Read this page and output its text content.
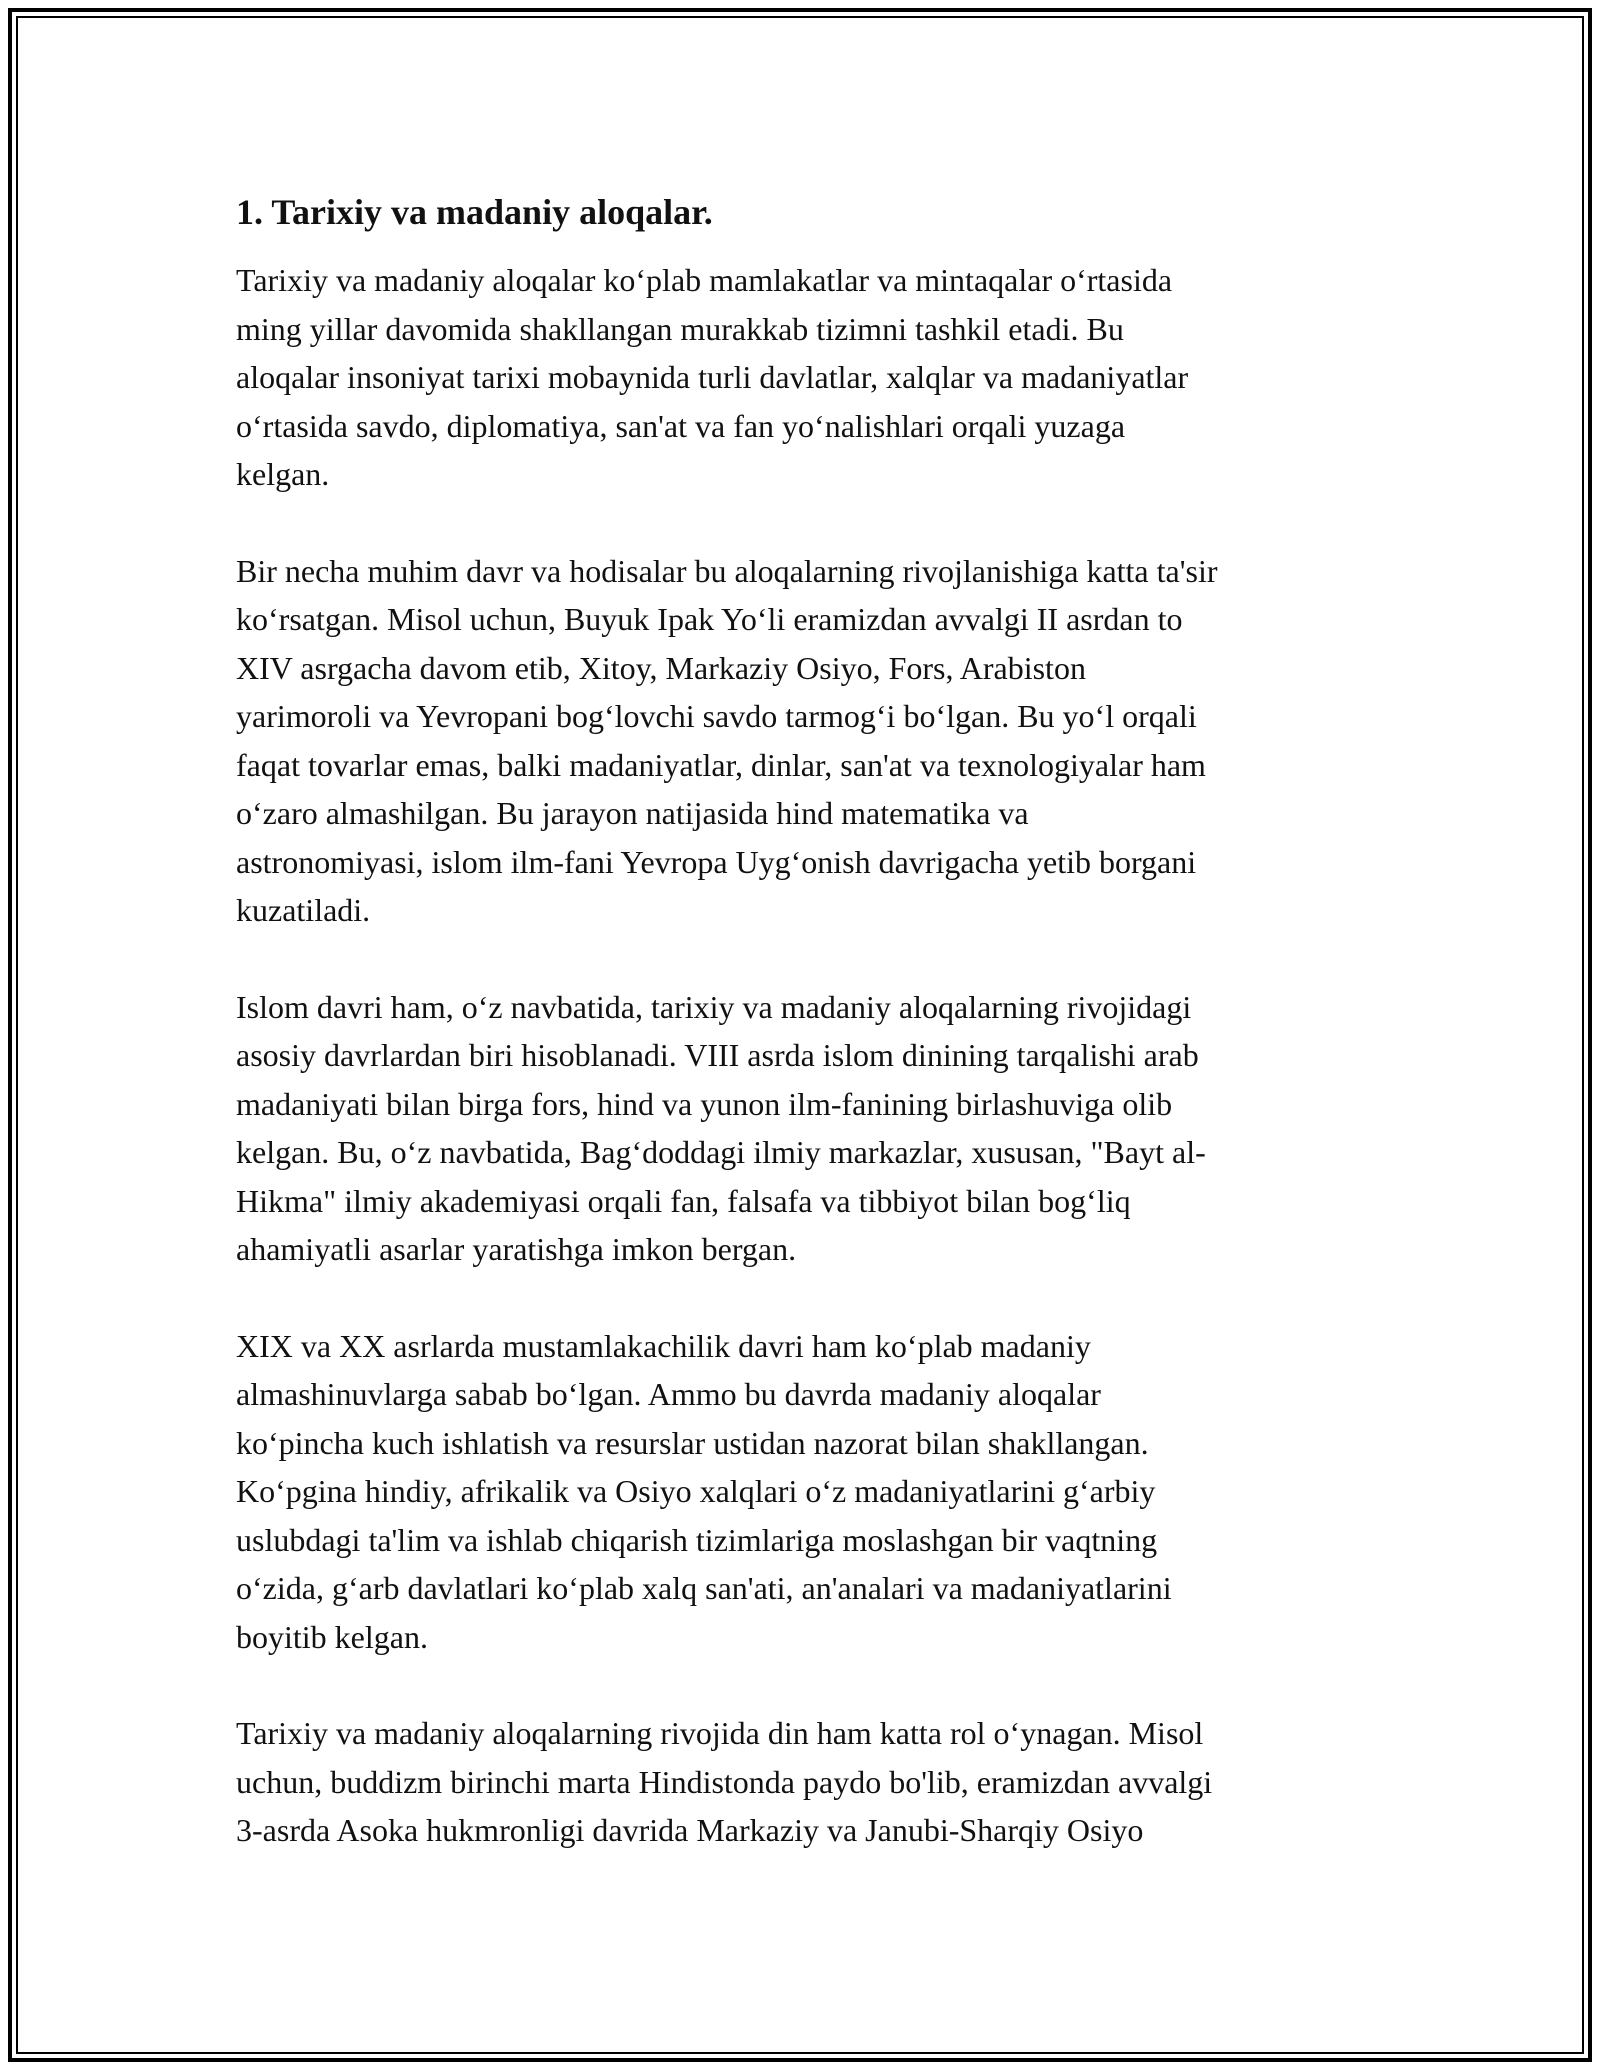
1. Tarixiy va madaniy aloqalar.

Tarixiy va madaniy aloqalar ko‘plab mamlakatlar va mintaqalar o‘rtasida
ming yillar davomida shakllangan murakkab tizimni tashkil etadi. Bu
aloqalar insoniyat tarixi mobaynida turli davlatlar, xalqlar va madaniyatlar
o‘rtasida savdo, diplomatiya, san'at va fan yo‘nalishlari orqali yuzaga
kelgan.

Bir necha muhim davr va hodisalar bu aloqalarning rivojlanishiga katta ta'sir
ko‘rsatgan. Misol uchun, Buyuk Ipak Yo‘li eramizdan avvalgi II asrdan to
XIV asrgacha davom etib, Xitoy, Markaziy Osiyo, Fors, Arabiston
yarimoroli va Yevropani bog‘lovchi savdo tarmog‘i bo‘lgan. Bu yo‘l orqali
faqat tovarlar emas, balki madaniyatlar, dinlar, san'at va texnologiyalar ham
o‘zaro almashilgan. Bu jarayon natijasida hind matematika va
astronomiyasi, islom ilm-fani Yevropa Uyg‘onish davrigacha yetib borgani
kuzatiladi.

Islom davri ham, o‘z navbatida, tarixiy va madaniy aloqalarning rivojidagi
asosiy davrlardan biri hisoblanadi. VIII asrda islom dinining tarqalishi arab
madaniyati bilan birga fors, hind va yunon ilm-fanining birlashuviga olib
kelgan. Bu, o‘z navbatida, Bag‘doddagi ilmiy markazlar, xususan, "Bayt al-
Hikma" ilmiy akademiyasi orqali fan, falsafa va tibbiyot bilan bog‘liq
ahamiyatli asarlar yaratishga imkon bergan.

XIX va XX asrlarda mustamlakachilik davri ham ko‘plab madaniy
almashinuvlarga sabab bo‘lgan. Ammo bu davrda madaniy aloqalar
ko‘pincha kuch ishlatish va resurslar ustidan nazorat bilan shakllangan.
Ko‘pgina hindiy, afrikalik va Osiyo xalqlari o‘z madaniyatlarini g‘arbiy
uslubdagi ta'lim va ishlab chiqarish tizimlariga moslashgan bir vaqtning
o‘zida, g‘arb davlatlari ko‘plab xalq san'ati, an'analari va madaniyatlarini
boyitib kelgan.

Tarixiy va madaniy aloqalarning rivojida din ham katta rol o‘ynagan. Misol
uchun, buddizm birinchi marta Hindistonda paydo bo'lib, eramizdan avvalgi
3-asrda Asoka hukmronligi davrida Markaziy va Janubi-Sharqiy Osiyo
